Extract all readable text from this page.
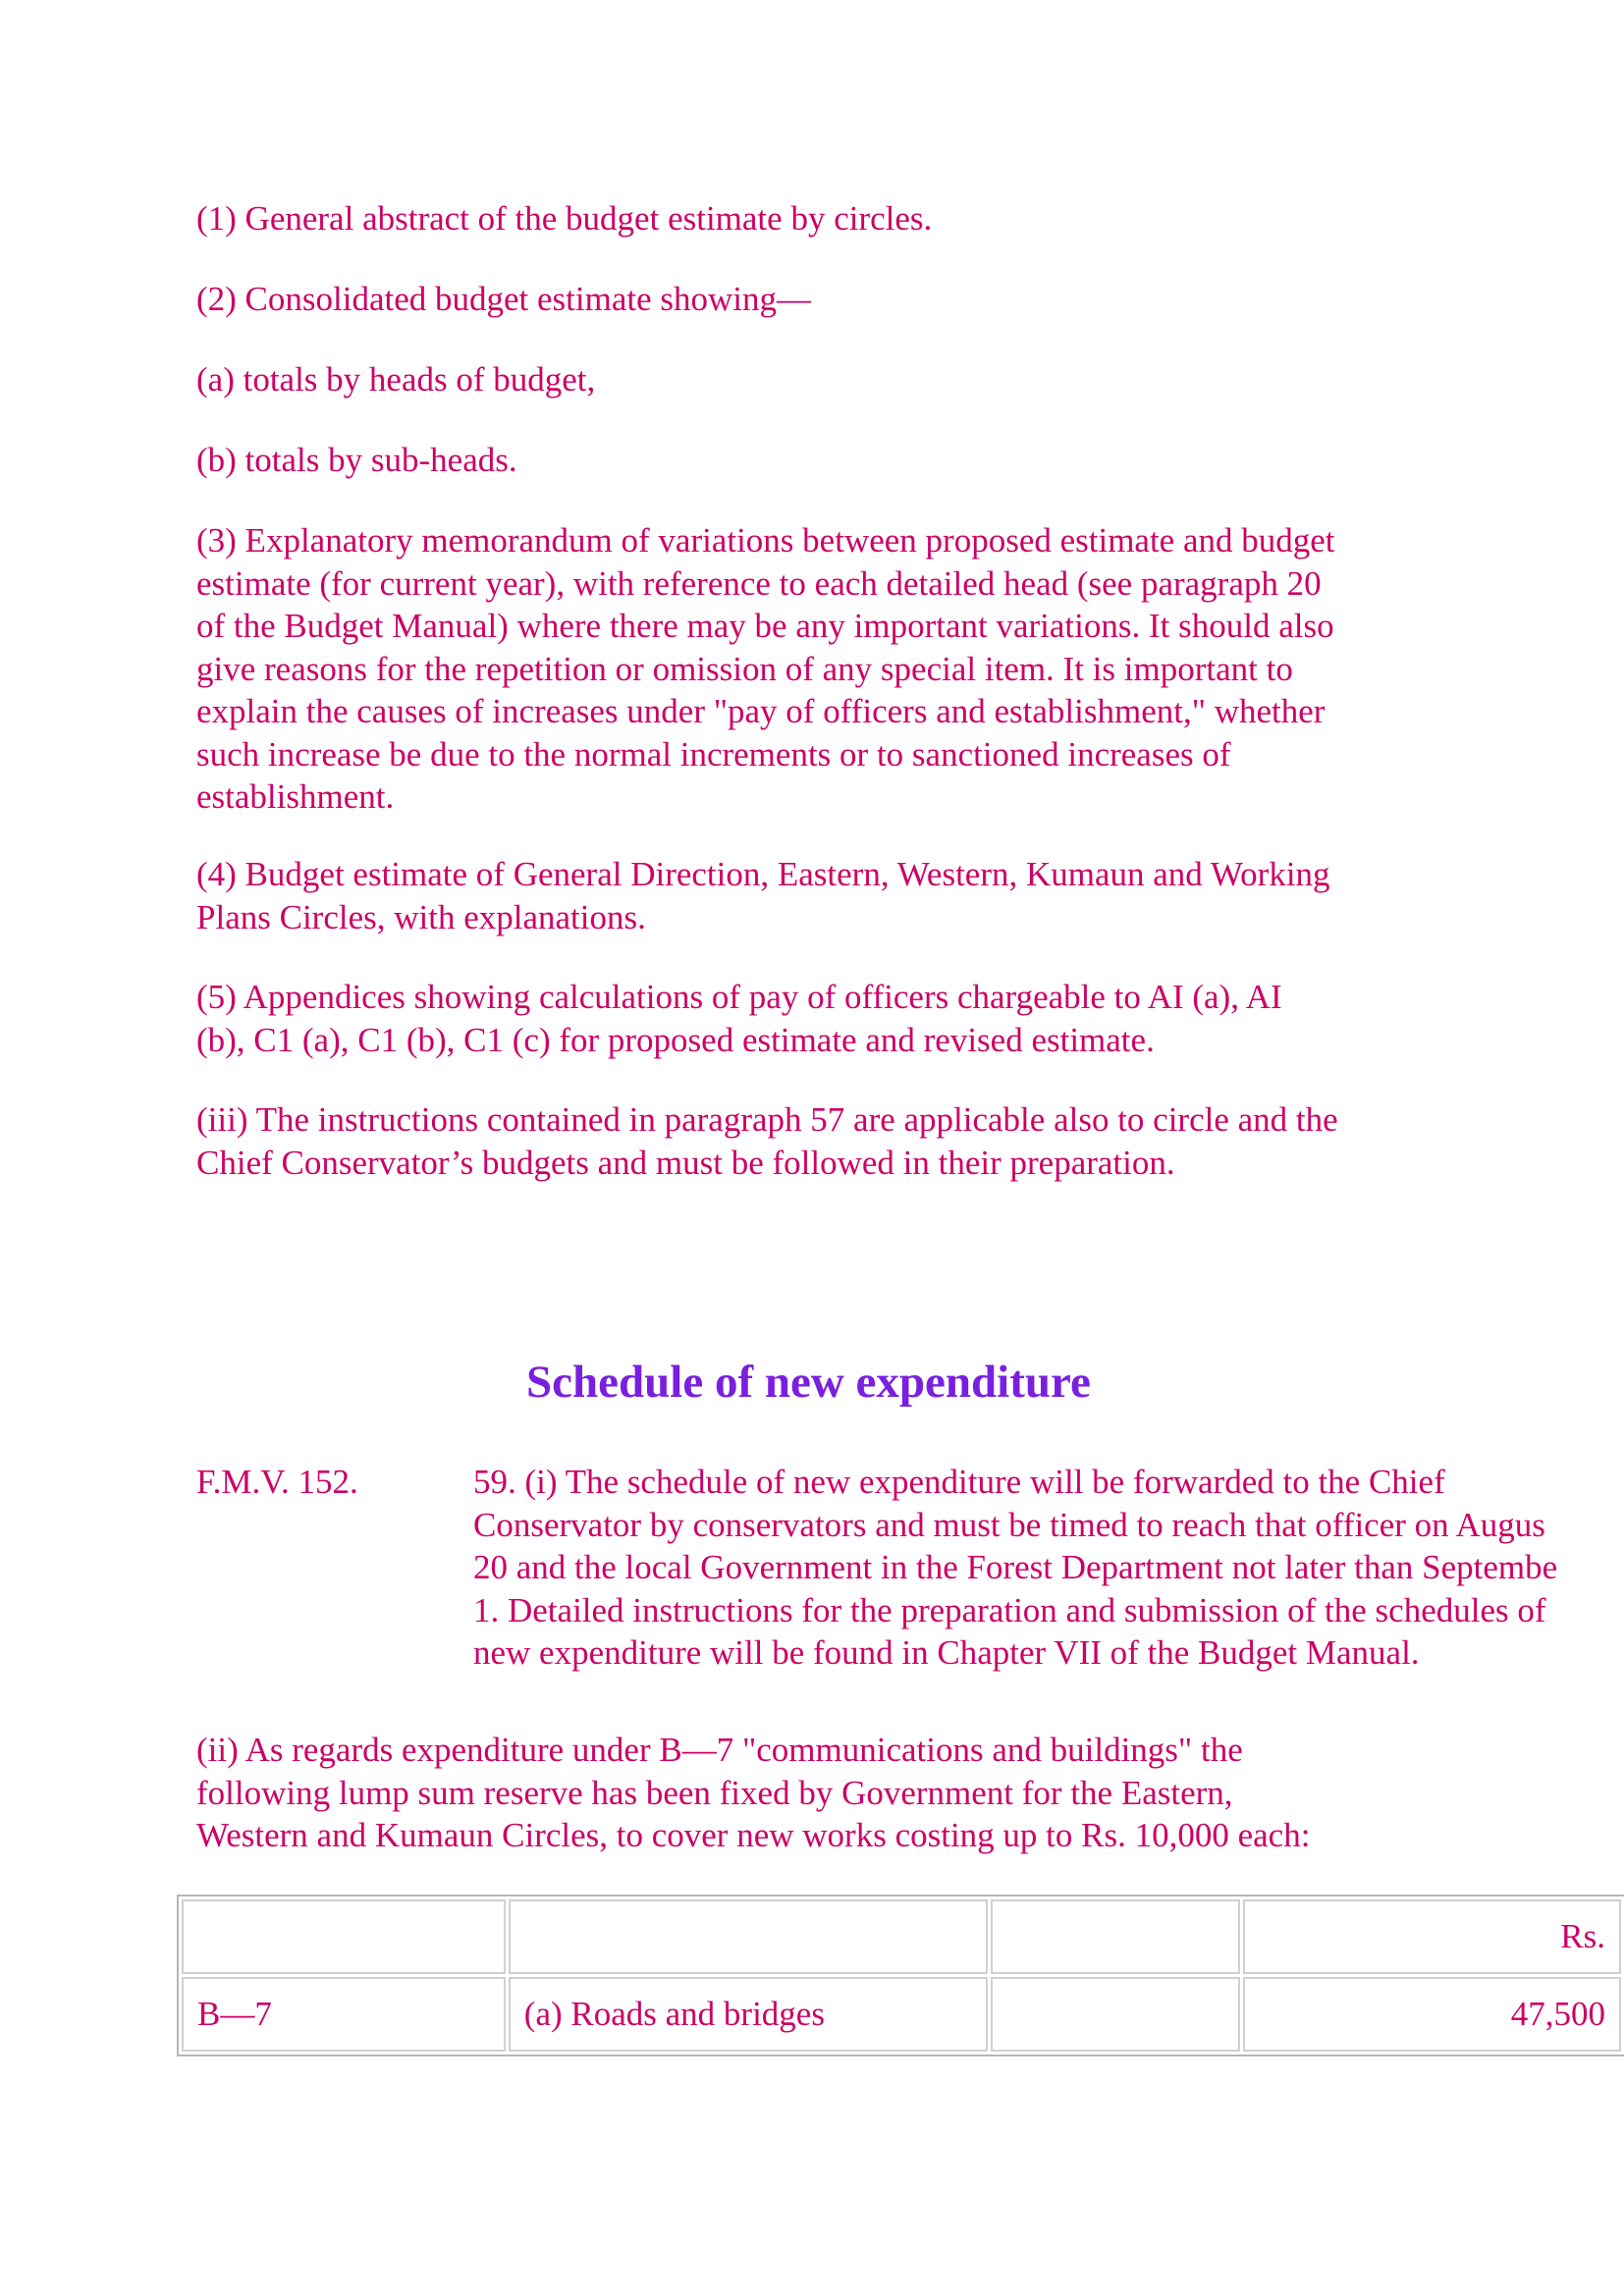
(1) General abstract of the budget estimate by circles.

(2) Consolidated budget estimate showing—

(a) totals by heads of budget,

(b) totals by sub-heads.

(3) Explanatory memorandum of variations between proposed estimate and budget
estimate (for current year), with reference to each detailed head (see paragraph 20
of the Budget Manual) where there may be any important variations. It should also
give reasons for the repetition or omission of any special item. It is important to
explain the causes of increases under "pay of officers and establishment," whether
such increase be due to the normal increments or to sanctioned increases of
establishment.
(4) Budget estimate of General Direction, Eastern, Western, Kumaun and Working
Plans Circles, with explanations.
(5) Appendices showing calculations of pay of officers chargeable to AI (a), AI
(b), C1 (a), C1 (b), C1 (c) for proposed estimate and revised estimate.
(iii) The instructions contained in paragraph 57 are applicable also to circle and the
Chief Conservator’s budgets and must be followed in their preparation.
Schedule of new expenditure
F.M.V. 152.	59. (i) The schedule of new expenditure will be forwarded to the Chief
Conservator by conservators and must be timed to reach that officer on Augus
20 and the local Government in the Forest Department not later than Septembe
1. Detailed instructions for the preparation and submission of the schedules of
new expenditure will be found in Chapter VII of the Budget Manual.
(ii) As regards expenditure under B—7 "communications and buildings" the
following lump sum reserve has been fixed by Government for the Eastern,
Western and Kumaun Circles, to cover new works costing up to Rs. 10,000 each:
			Rs.
B—7	(a) Roads and bridges		47,500
